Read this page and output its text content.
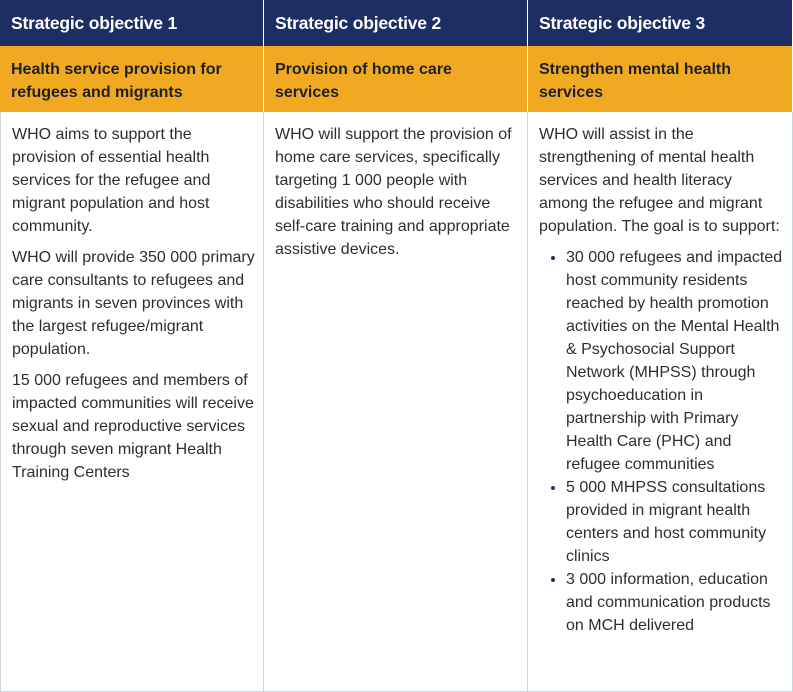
Strategic objective 1	Strategic objective 2	Strategic objective 3
Health service provision for refugees and migrants
Provision of home care services
Strengthen mental health services

WHO aims to support the provision of essential health services for the refugee and migrant population and host community.

WHO will provide 350 000 primary care consultants to refugees and migrants in seven provinces with the largest refugee/migrant population.

15 000 refugees and members of impacted communities will receive sexual and reproductive services through seven migrant Health Training Centers

WHO will support the provision of home care services, specifically targeting 1 000 people with disabilities who should receive self-care training and appropriate assistive devices.

WHO will assist in the strengthening of mental health services and health literacy among the refugee and migrant population. The goal is to support:

• 30 000 refugees and impacted host community residents reached by health promotion activities on the Mental Health & Psychosocial Support Network (MHPSS) through psychoeducation in partnership with Primary Health Care (PHC) and refugee communities
• 5 000 MHPSS consultations provided in migrant health centers and host community clinics
• 3 000 information, education and communication products on MCH delivered
